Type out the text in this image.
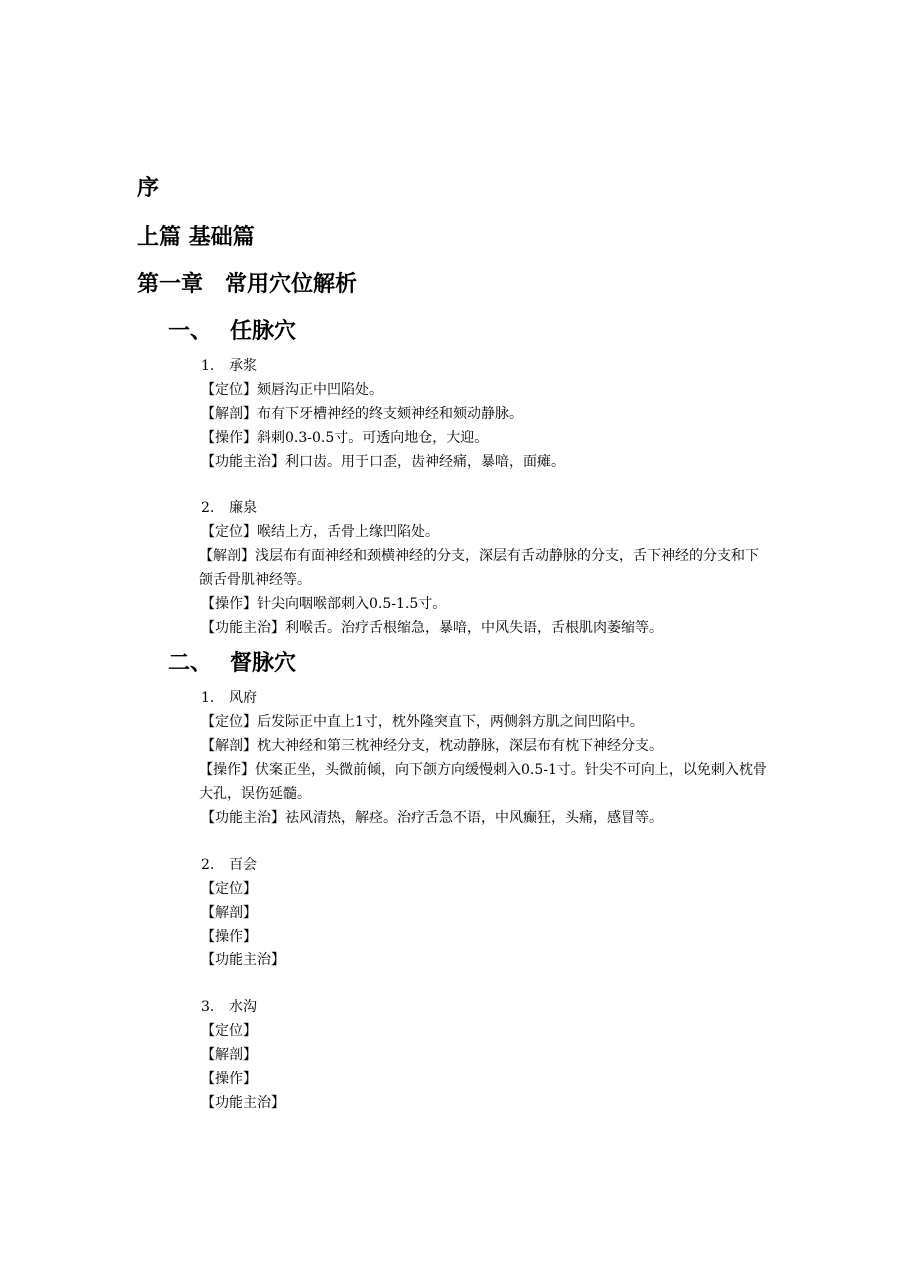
序
上篇 基础篇
第一章　常用穴位解析
一、 任脉穴
1. 承浆
【定位】颏唇沟正中凹陷处。
【解剖】布有下牙槽神经的终支颏神经和颏动静脉。
【操作】斜刺0.3-0.5寸。可透向地仓，大迎。
【功能主治】利口齿。用于口歪，齿神经痛，暴喑，面瘫。
2. 廉泉
【定位】喉结上方，舌骨上缘凹陷处。
【解剖】浅层布有面神经和颈横神经的分支，深层有舌动静脉的分支，舌下神经的分支和下颌舌骨肌神经等。
【操作】针尖向咽喉部刺入0.5-1.5寸。
【功能主治】利喉舌。治疗舌根缩急，暴喑，中风失语，舌根肌肉萎缩等。
二、 督脉穴
1. 风府
【定位】后发际正中直上1寸，枕外隆突直下，两侧斜方肌之间凹陷中。
【解剖】枕大神经和第三枕神经分支，枕动静脉，深层布有枕下神经分支。
【操作】伏案正坐，头微前倾，向下颌方向缓慢刺入0.5-1寸。针尖不可向上，以免刺入枕骨大孔，误伤延髓。
【功能主治】祛风清热，解痉。治疗舌急不语，中风癫狂，头痛，感冒等。
2. 百会
【定位】
【解剖】
【操作】
【功能主治】
3. 水沟
【定位】
【解剖】
【操作】
【功能主治】
